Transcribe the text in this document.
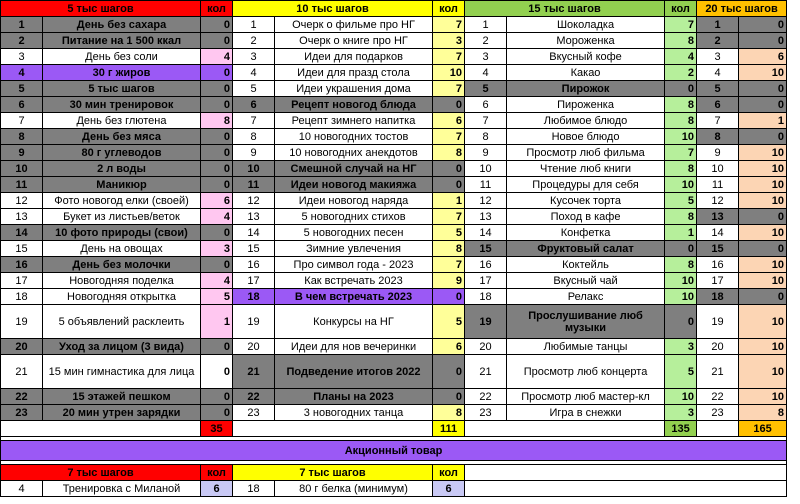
5 тыс шагов		кол	10 тыс шагов		кол	15 тыс шагов		кол	20 тыс шагов	
1	День без сахара	0	1	Очерк о фильме про НГ	7	1	Шоколадка	7	1	0
2	Питание на 1 500 ккал	0	2	Очерк о книге про НГ	3	2	Мороженка	8	2	0
3	День без соли	4	3	Идеи для подарков	7	3	Вкусный кофе	4	3	6
4	30 г жиров	0	4	Идеи для празд стола	10	4	Какао	2	4	10
5	5 тыс шагов	0	5	Идеи украшения дома	7	5	Пирожок	0	5	0
6	30 мин тренировок	0	6	Рецепт новогод блюда	0	6	Пироженка	8	6	0
7	День без глютена	8	7	Рецепт зимнего напитка	6	7	Любимое блюдо	8	7	1
8	День без мяса	0	8	10 новогодних тостов	7	8	Новое блюдо	10	8	0
9	80 г углеводов	0	9	10 новогодних анекдотов	8	9	Просмотр люб фильма	7	9	10
10	2 л воды	0	10	Смешной случай на НГ	0	10	Чтение люб книги	8	10	10
11	Маникюр	0	11	Идеи новогод макияжа	0	11	Процедуры для себя	10	11	10
12	Фото новогод елки (своей)	6	12	Идеи новогод наряда	1	12	Кусочек торта	5	12	10
13	Букет из листьев/веток	4	13	5 новогодних стихов	7	13	Поход в кафе	8	13	0
14	10 фото природы (свои)	0	14	5 новогодних песен	5	14	Конфетка	1	14	10
15	День на овощах	3	15	Зимние увлечения	8	15	Фруктовый салат	0	15	0
16	День без молочки	0	16	Про символ года - 2023	7	16	Коктейль	8	16	10
17	Новогодняя поделка	4	17	Как встречать 2023	9	17	Вкусный чай	10	17	10
18	Новогодняя открытка	5	18	В чем встречать 2023	0	18	Релакс	10	18	0
19	5 объявлений расклеить	1	19	Конкурсы на НГ	5	19	Прослушивание люб музыки	0	19	10
20	Уход за лицом (3 вида)	0	20	Идеи для нов вечеринки	6	20	Любимые танцы	3	20	10
21	15 мин гимнастика для лица	0	21	Подведение итогов 2022	0	21	Просмотр люб концерта	5	21	10
22	15 этажей пешком	0	22	Планы на 2023	0	22	Просмотр люб мастер-кл	10	22	10
23	20 мин утрен зарядки	0	23	3 новогодних танца	8	23	Игра в снежки	3	23	8
		35			111			135		165

Акционный товар										

7 тыс шагов		кол	7 тыс шагов		кол					
4	Тренировка с Миланой	6	18	80 г белка (минимум)	6					
